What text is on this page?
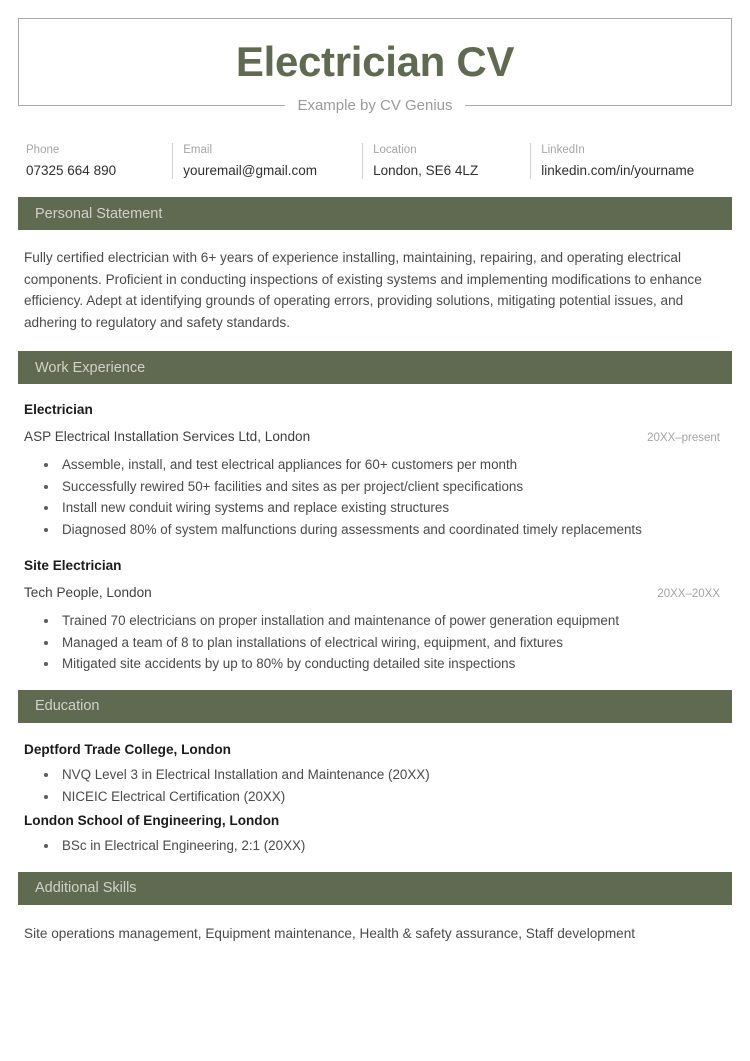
Electrician CV
Example by CV Genius
Phone
07325 664 890
Email
youremail@gmail.com
Location
London, SE6 4LZ
LinkedIn
linkedin.com/in/yourname
Personal Statement

Fully certified electrician with 6+ years of experience installing, maintaining, repairing, and operating electrical components. Proficient in conducting inspections of existing systems and implementing modifications to enhance efficiency. Adept at identifying grounds of operating errors, providing solutions, mitigating potential issues, and adhering to regulatory and safety standards.

Work Experience
Electrician
ASP Electrical Installation Services Ltd, London	20XX–present
Assemble, install, and test electrical appliances for 60+ customers per month
Successfully rewired 50+ facilities and sites as per project/client specifications
Install new conduit wiring systems and replace existing structures
Diagnosed 80% of system malfunctions during assessments and coordinated timely replacements
Site Electrician
Tech People, London	20XX–20XX
Trained 70 electricians on proper installation and maintenance of power generation equipment
Managed a team of 8 to plan installations of electrical wiring, equipment, and fixtures
Mitigated site accidents by up to 80% by conducting detailed site inspections
Education
Deptford Trade College, London
NVQ Level 3 in Electrical Installation and Maintenance (20XX)
NICEIC Electrical Certification (20XX)
London School of Engineering, London
BSc in Electrical Engineering, 2:1 (20XX)
Additional Skills

Site operations management, Equipment maintenance, Health & safety assurance, Staff development
